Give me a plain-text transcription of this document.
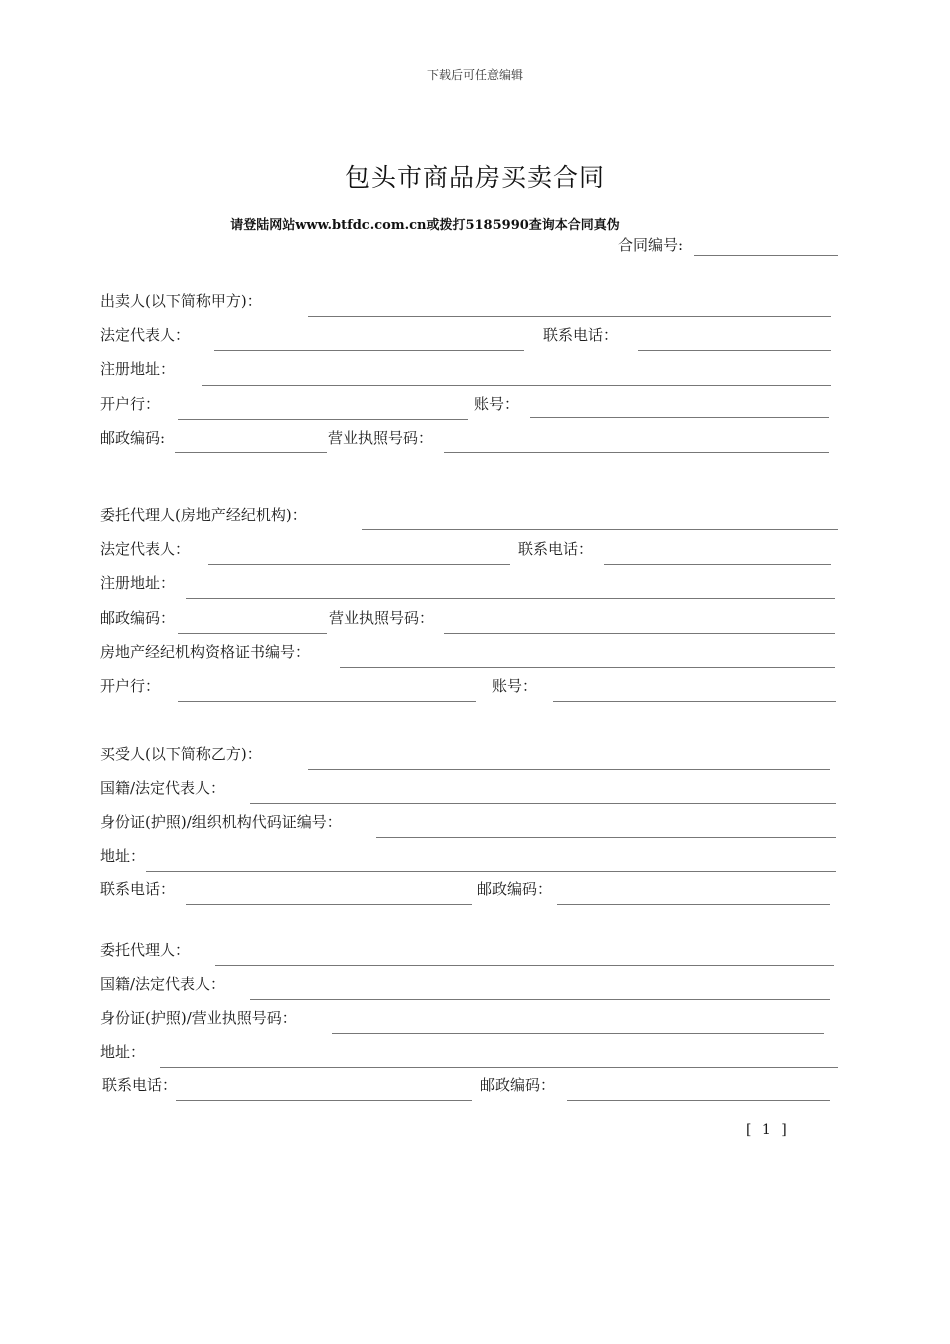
下载后可任意编辑
包头市商品房买卖合同
请登陆网站www.btfdc.com.cn或拨打5185990查询本合同真伪
合同编号:
出卖人(以下简称甲方)：
法定代表人：	联系电话：
注册地址：
开户行：	账号：
邮政编码:	营业执照号码：
委托代理人(房地产经纪机构)：
法定代表人：	联系电话：
注册地址：
邮政编码：	营业执照号码：
房地产经纪机构资格证书编号：
开户行：	账号：
买受人(以下简称乙方)：
国籍/法定代表人：
身份证(护照)/组织机构代码证编号：
地址：
联系电话：	邮政编码：
委托代理人：
国籍/法定代表人：
身份证(护照)/营业执照号码：
地址：
联系电话：	邮政编码：
[ 1 ]
